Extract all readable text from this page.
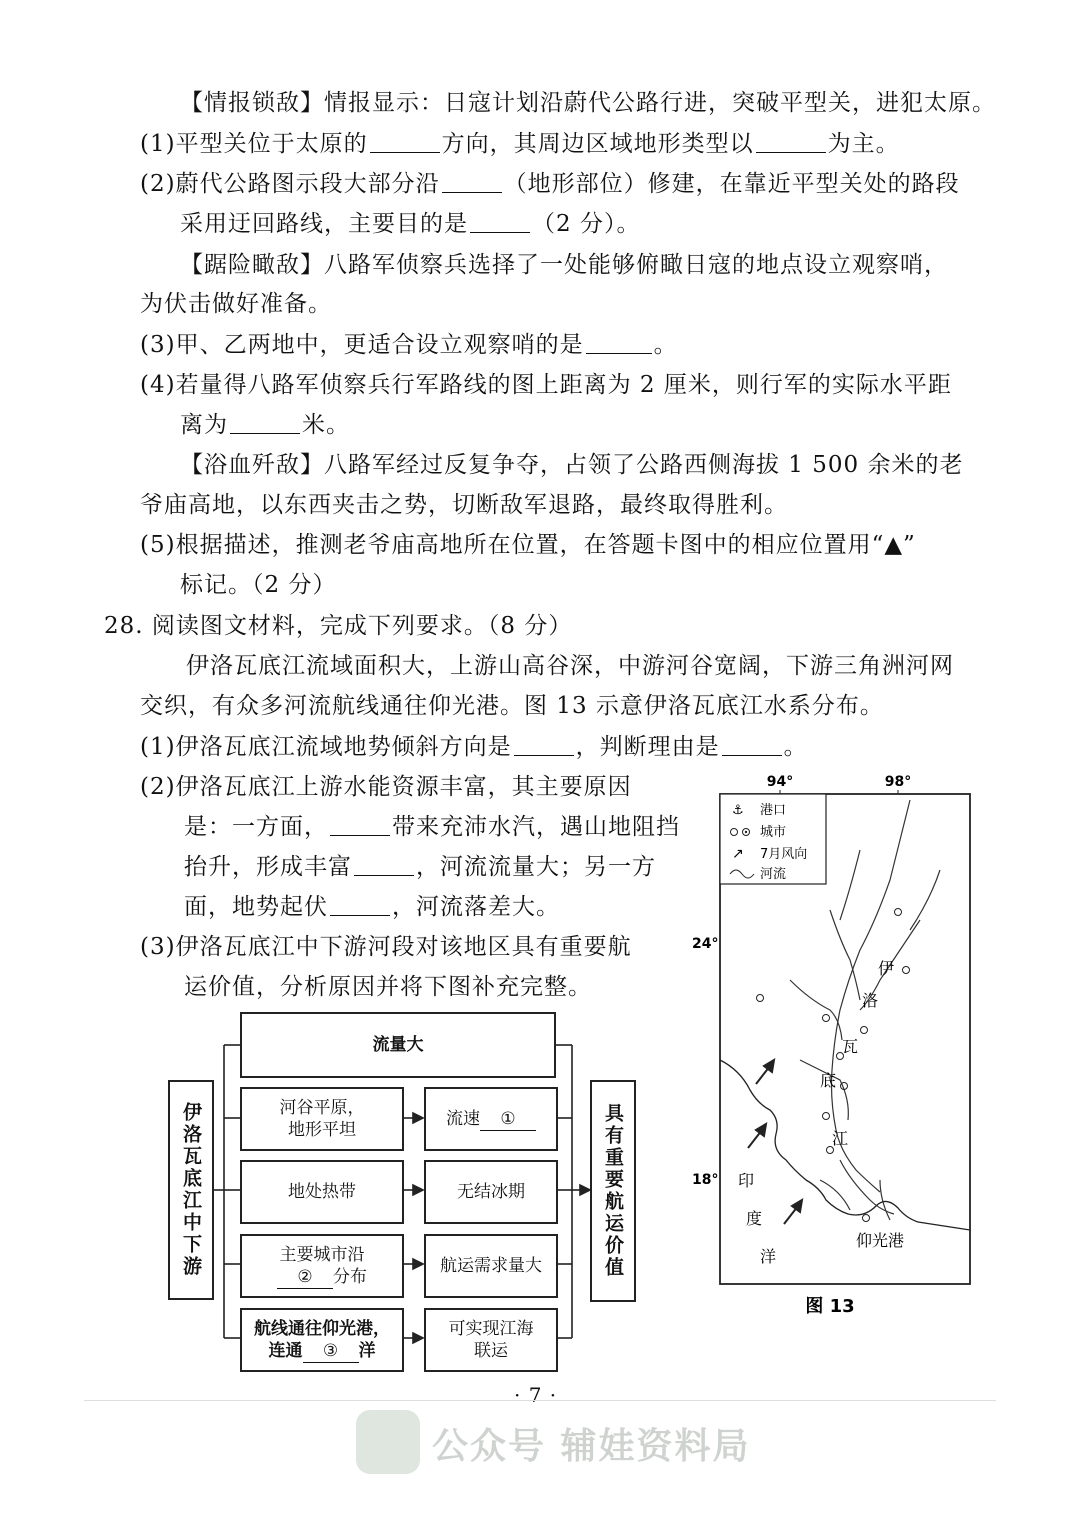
【情报锁敌】情报显示：日寇计划沿蔚代公路行进，突破平型关，进犯太原。
(1)平型关位于太原的	方向，其周边区域地形类型以	为主。
(2)蔚代公路图示段大部分沿	（地形部位）修建，在靠近平型关处的路段
采用迂回路线，主要目的是	（2 分）。
【踞险瞰敌】八路军侦察兵选择了一处能够俯瞰日寇的地点设立观察哨，
为伏击做好准备。
(3)甲、乙两地中，更适合设立观察哨的是	。
(4)若量得八路军侦察兵行军路线的图上距离为 2 厘米，则行军的实际水平距
离为	米。
【浴血歼敌】八路军经过反复争夺，占领了公路西侧海拔 1 500 余米的老
爷庙高地，以东西夹击之势，切断敌军退路，最终取得胜利。
(5)根据描述，推测老爷庙高地所在位置，在答题卡图中的相应位置用“▲”
标记。（2 分）
28. 阅读图文材料，完成下列要求。（8 分）
伊洛瓦底江流域面积大，上游山高谷深，中游河谷宽阔，下游三角洲河网
交织，有众多河流航线通往仰光港。图 13 示意伊洛瓦底江水系分布。
(1)伊洛瓦底江流域地势倾斜方向是	，判断理由是	。
(2)伊洛瓦底江上游水能资源丰富，其主要原因
是：一方面，	带来充沛水汽，遇山地阻挡
抬升，形成丰富	，河流流量大；另一方
面，地势起伏	，河流落差大。
(3)伊洛瓦底江中下游河段对该地区具有重要航
运价值，分析原因并将下图补充完整。
伊洛瓦底江中下游
流量大
河谷平原，
地形平坦
流速	①
地处热带	无结冰期
主要城市沿
② 分布
航运需求量大
航线通往仰光港，
连通 ③ 洋
可实现江海
联运
具有重要航运价值
94°	98°
24°
18°
⚓ 港口
城市
↗ 7月风向
河流
仰光港
伊
洛
瓦
底
江
印
度
洋
图 13
· 7 ·
公众号 辅娃资料局
